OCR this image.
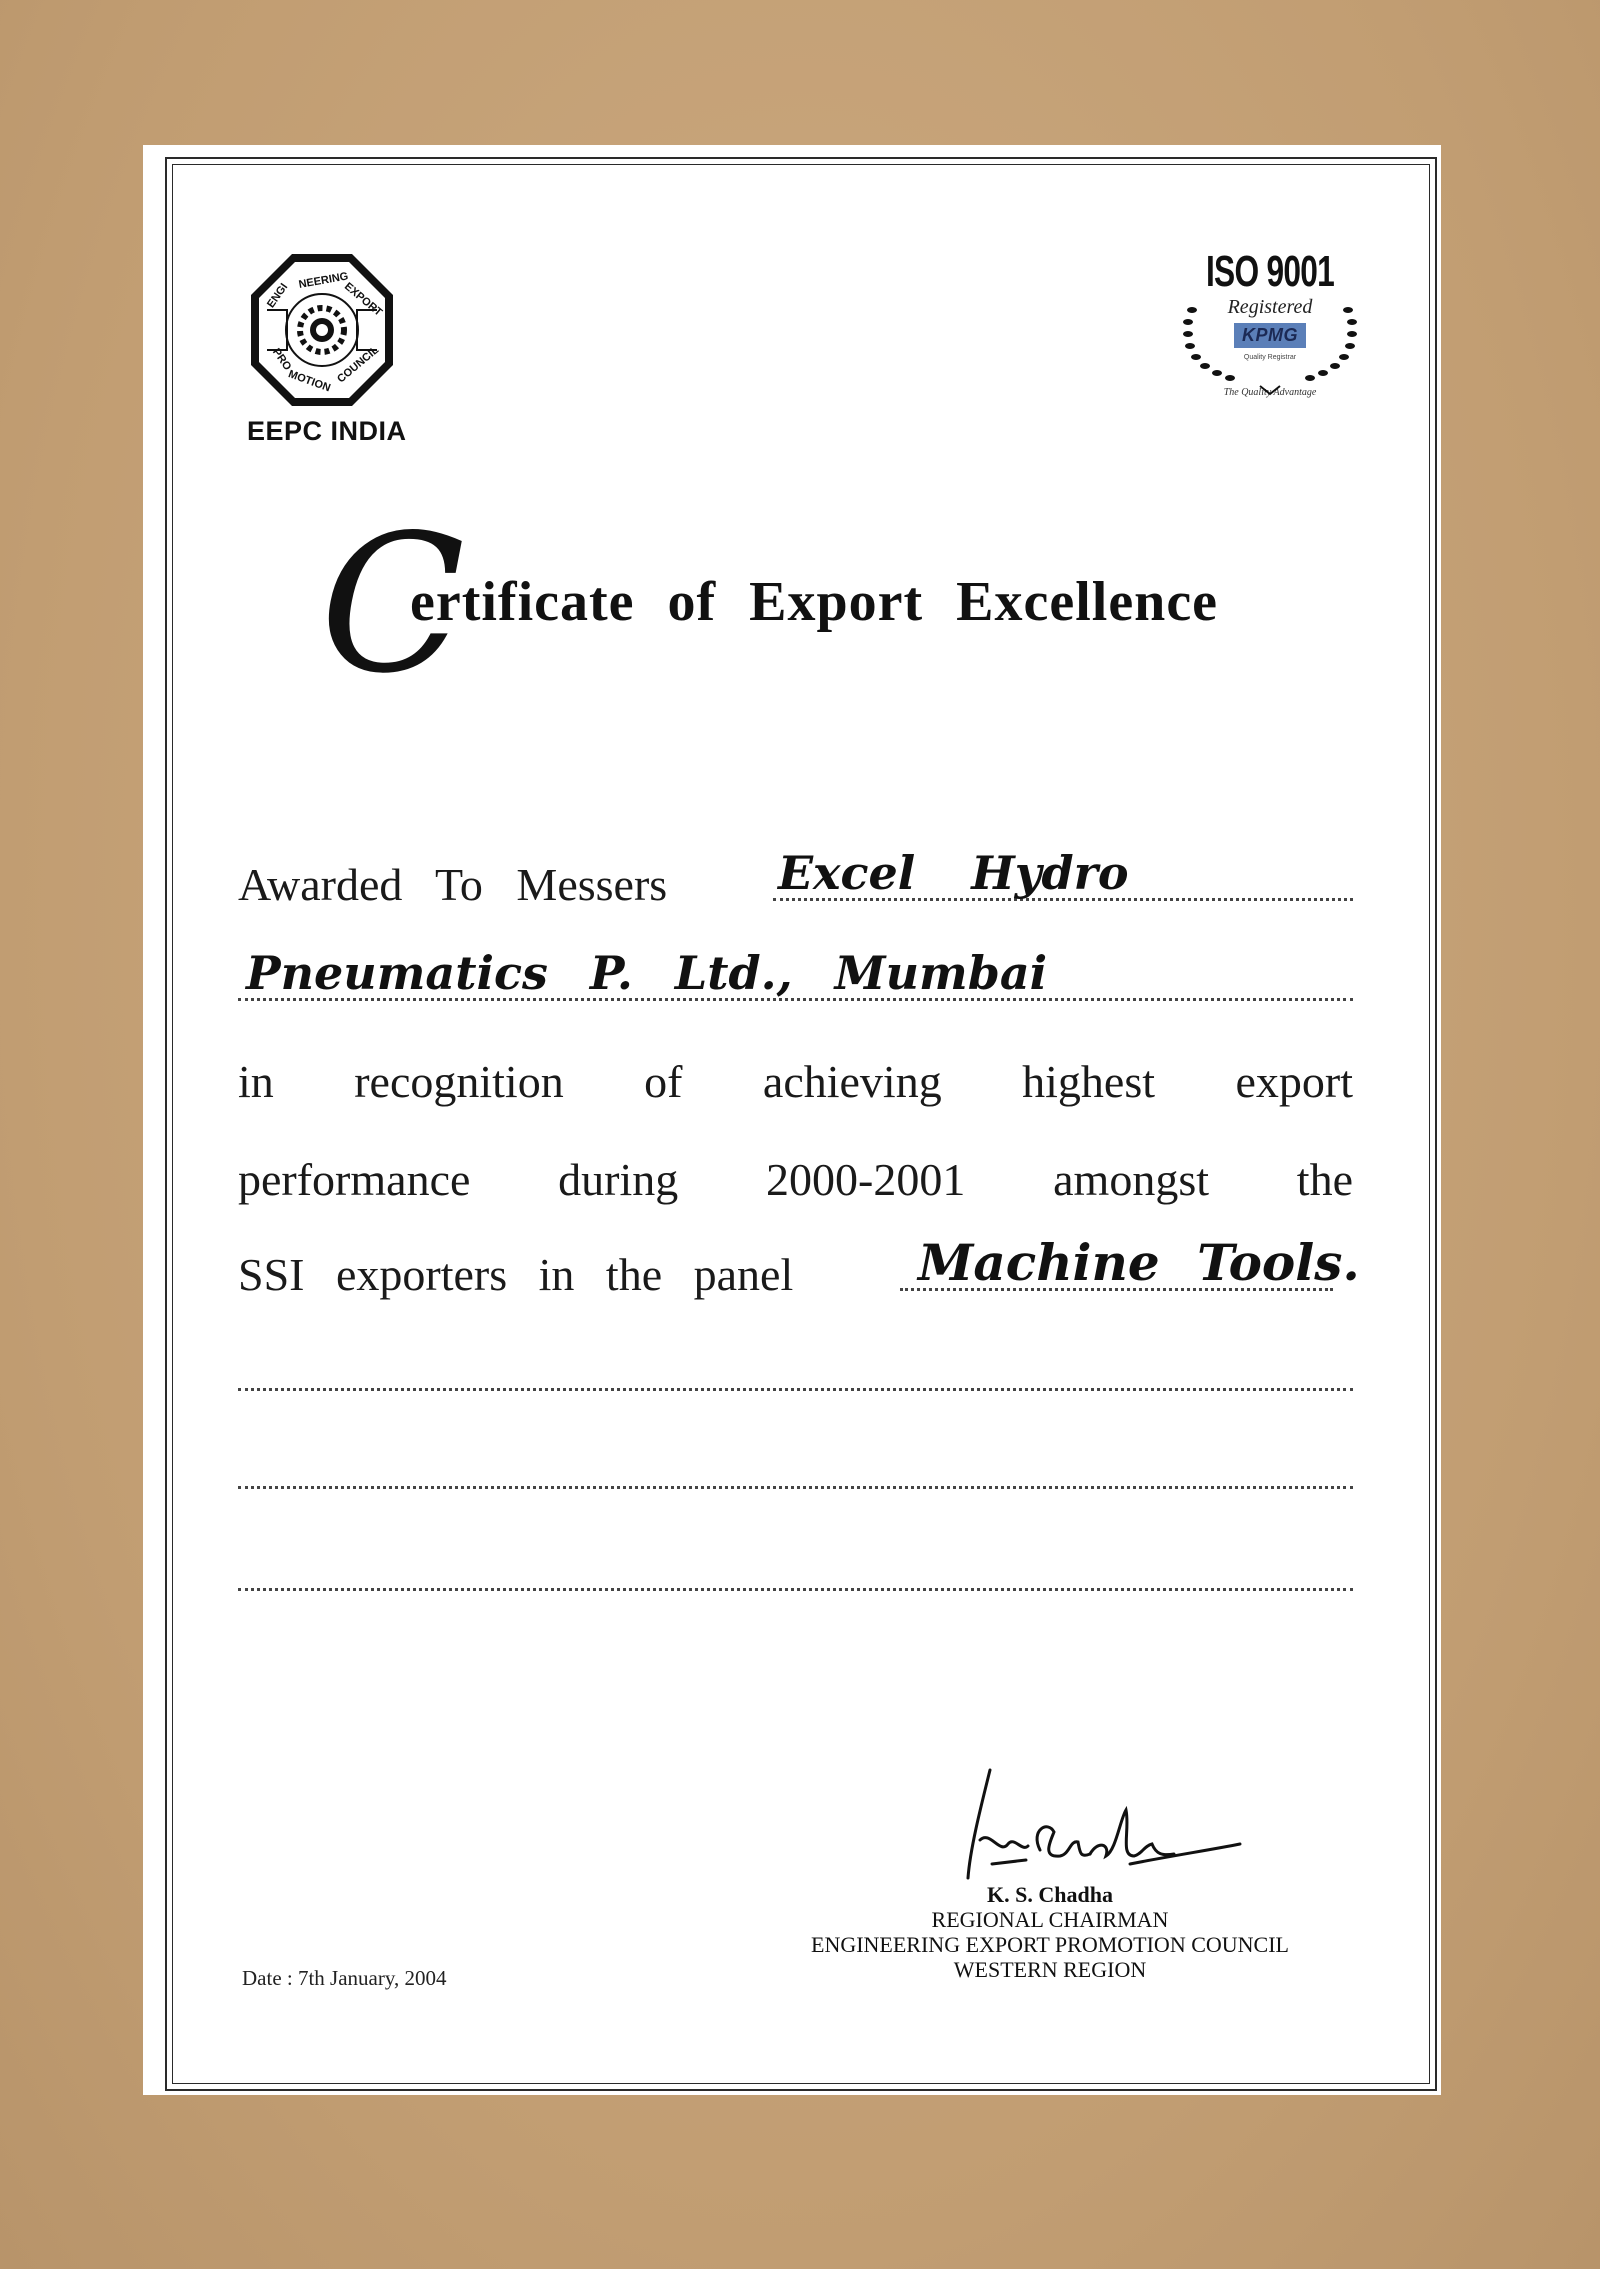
NEERING
EXPORT
MOTION COUNCIL
ENGI
PRO
EEPC INDIA
ISO 9001
Registered
KPMG
Quality Registrar
The Quality Advantage
C
ertificate of Export Excellence
Awarded To Messers Excel Hydro
Pneumatics P. Ltd., Mumbai
in recognition of achieving highest export
performance during 2000-2001 amongst the
SSI exporters in the panel Machine Tools.
Date : 7th January, 2004
K. S. Chadha
REGIONAL CHAIRMAN
ENGINEERING EXPORT PROMOTION COUNCIL
WESTERN REGION
